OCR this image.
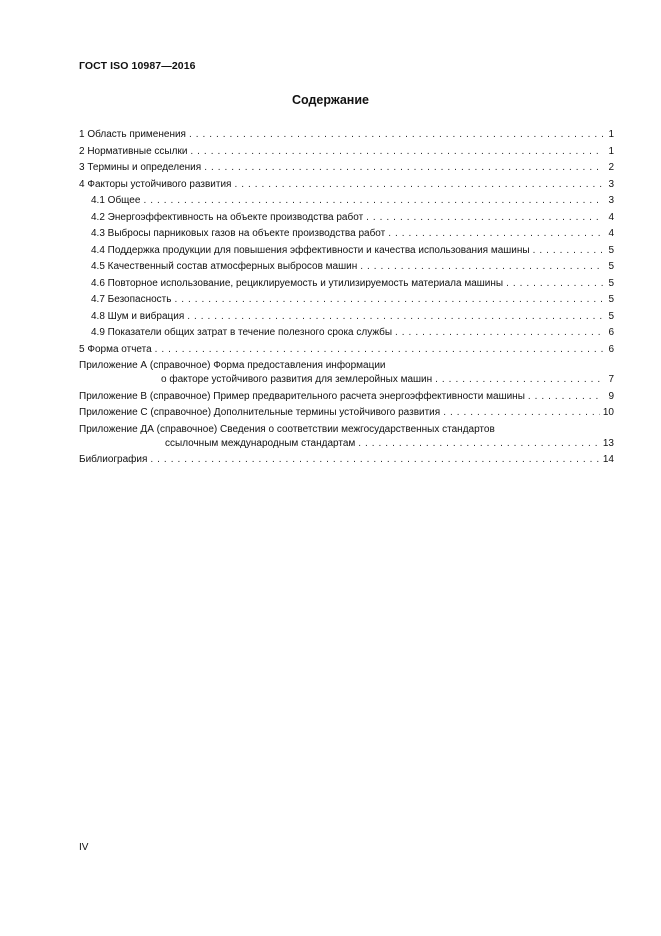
ГОСТ ISO 10987—2016
Содержание
1 Область применения . . .	1
2 Нормативные ссылки . . .	1
3 Термины и определения . . .	2
4 Факторы устойчивого развития . . .	3
4.1 Общее . . .	3
4.2 Энергоэффективность на объекте производства работ . . .	4
4.3 Выбросы парниковых газов на объекте производства работ . . .	4
4.4 Поддержка продукции для повышения эффективности и качества использования машины . . .	5
4.5 Качественный состав атмосферных выбросов машин . . .	5
4.6 Повторное использование, рециклируемость и утилизируемость материала машины . . .	5
4.7 Безопасность . . .	5
4.8 Шум и вибрация . . .	5
4.9 Показатели общих затрат в течение полезного срока службы . . .	6
5 Форма отчета . . .	6
Приложение А (справочное) Форма предоставления информации
о факторе устойчивого развития для землеройных машин . . .	7
Приложение В (справочное) Пример предварительного расчета энергоэффективности машины . . .	9
Приложение С (справочное) Дополнительные термины устойчивого развития . . .	10
Приложение ДА (справочное) Сведения о соответствии межгосударственных стандартов
ссылочным международным стандартам . . .	13
Библиография . . .	14
IV
